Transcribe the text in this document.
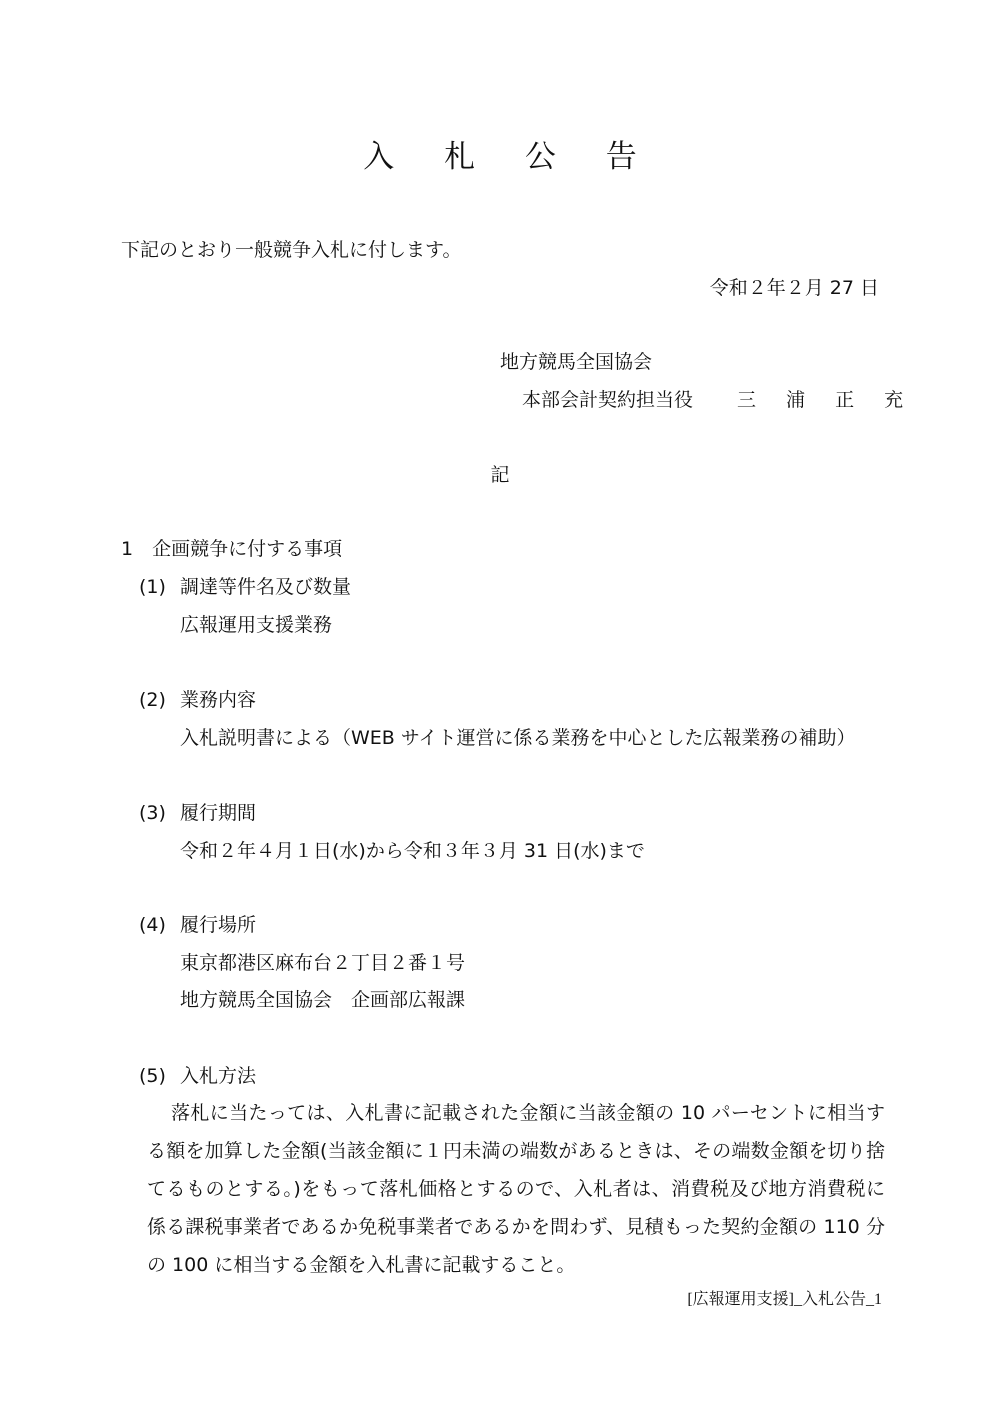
入 札 公 告
下記のとおり一般競争入札に付します。
令和２年２月 27 日
地方競馬全国協会
本部会計契約担当役 三 浦 正 充
記
1　企画競争に付する事項
(1) 調達等件名及び数量
広報運用支援業務
(2) 業務内容
入札説明書による（WEB サイト運営に係る業務を中心とした広報業務の補助）
(3) 履行期間
令和２年４月１日(水)から令和３年３月 31 日(水)まで
(4) 履行場所
東京都港区麻布台２丁目２番１号
地方競馬全国協会　企画部広報課
(5) 入札方法
落札に当たっては、入札書に記載された金額に当該金額の 10 パーセントに相当する額を加算した金額(当該金額に１円未満の端数があるときは、その端数金額を切り捨てるものとする。)をもって落札価格とするので、入札者は、消費税及び地方消費税に係る課税事業者であるか免税事業者であるかを問わず、見積もった契約金額の 110 分の 100 に相当する金額を入札書に記載すること。
[広報運用支援]_入札公告_1
